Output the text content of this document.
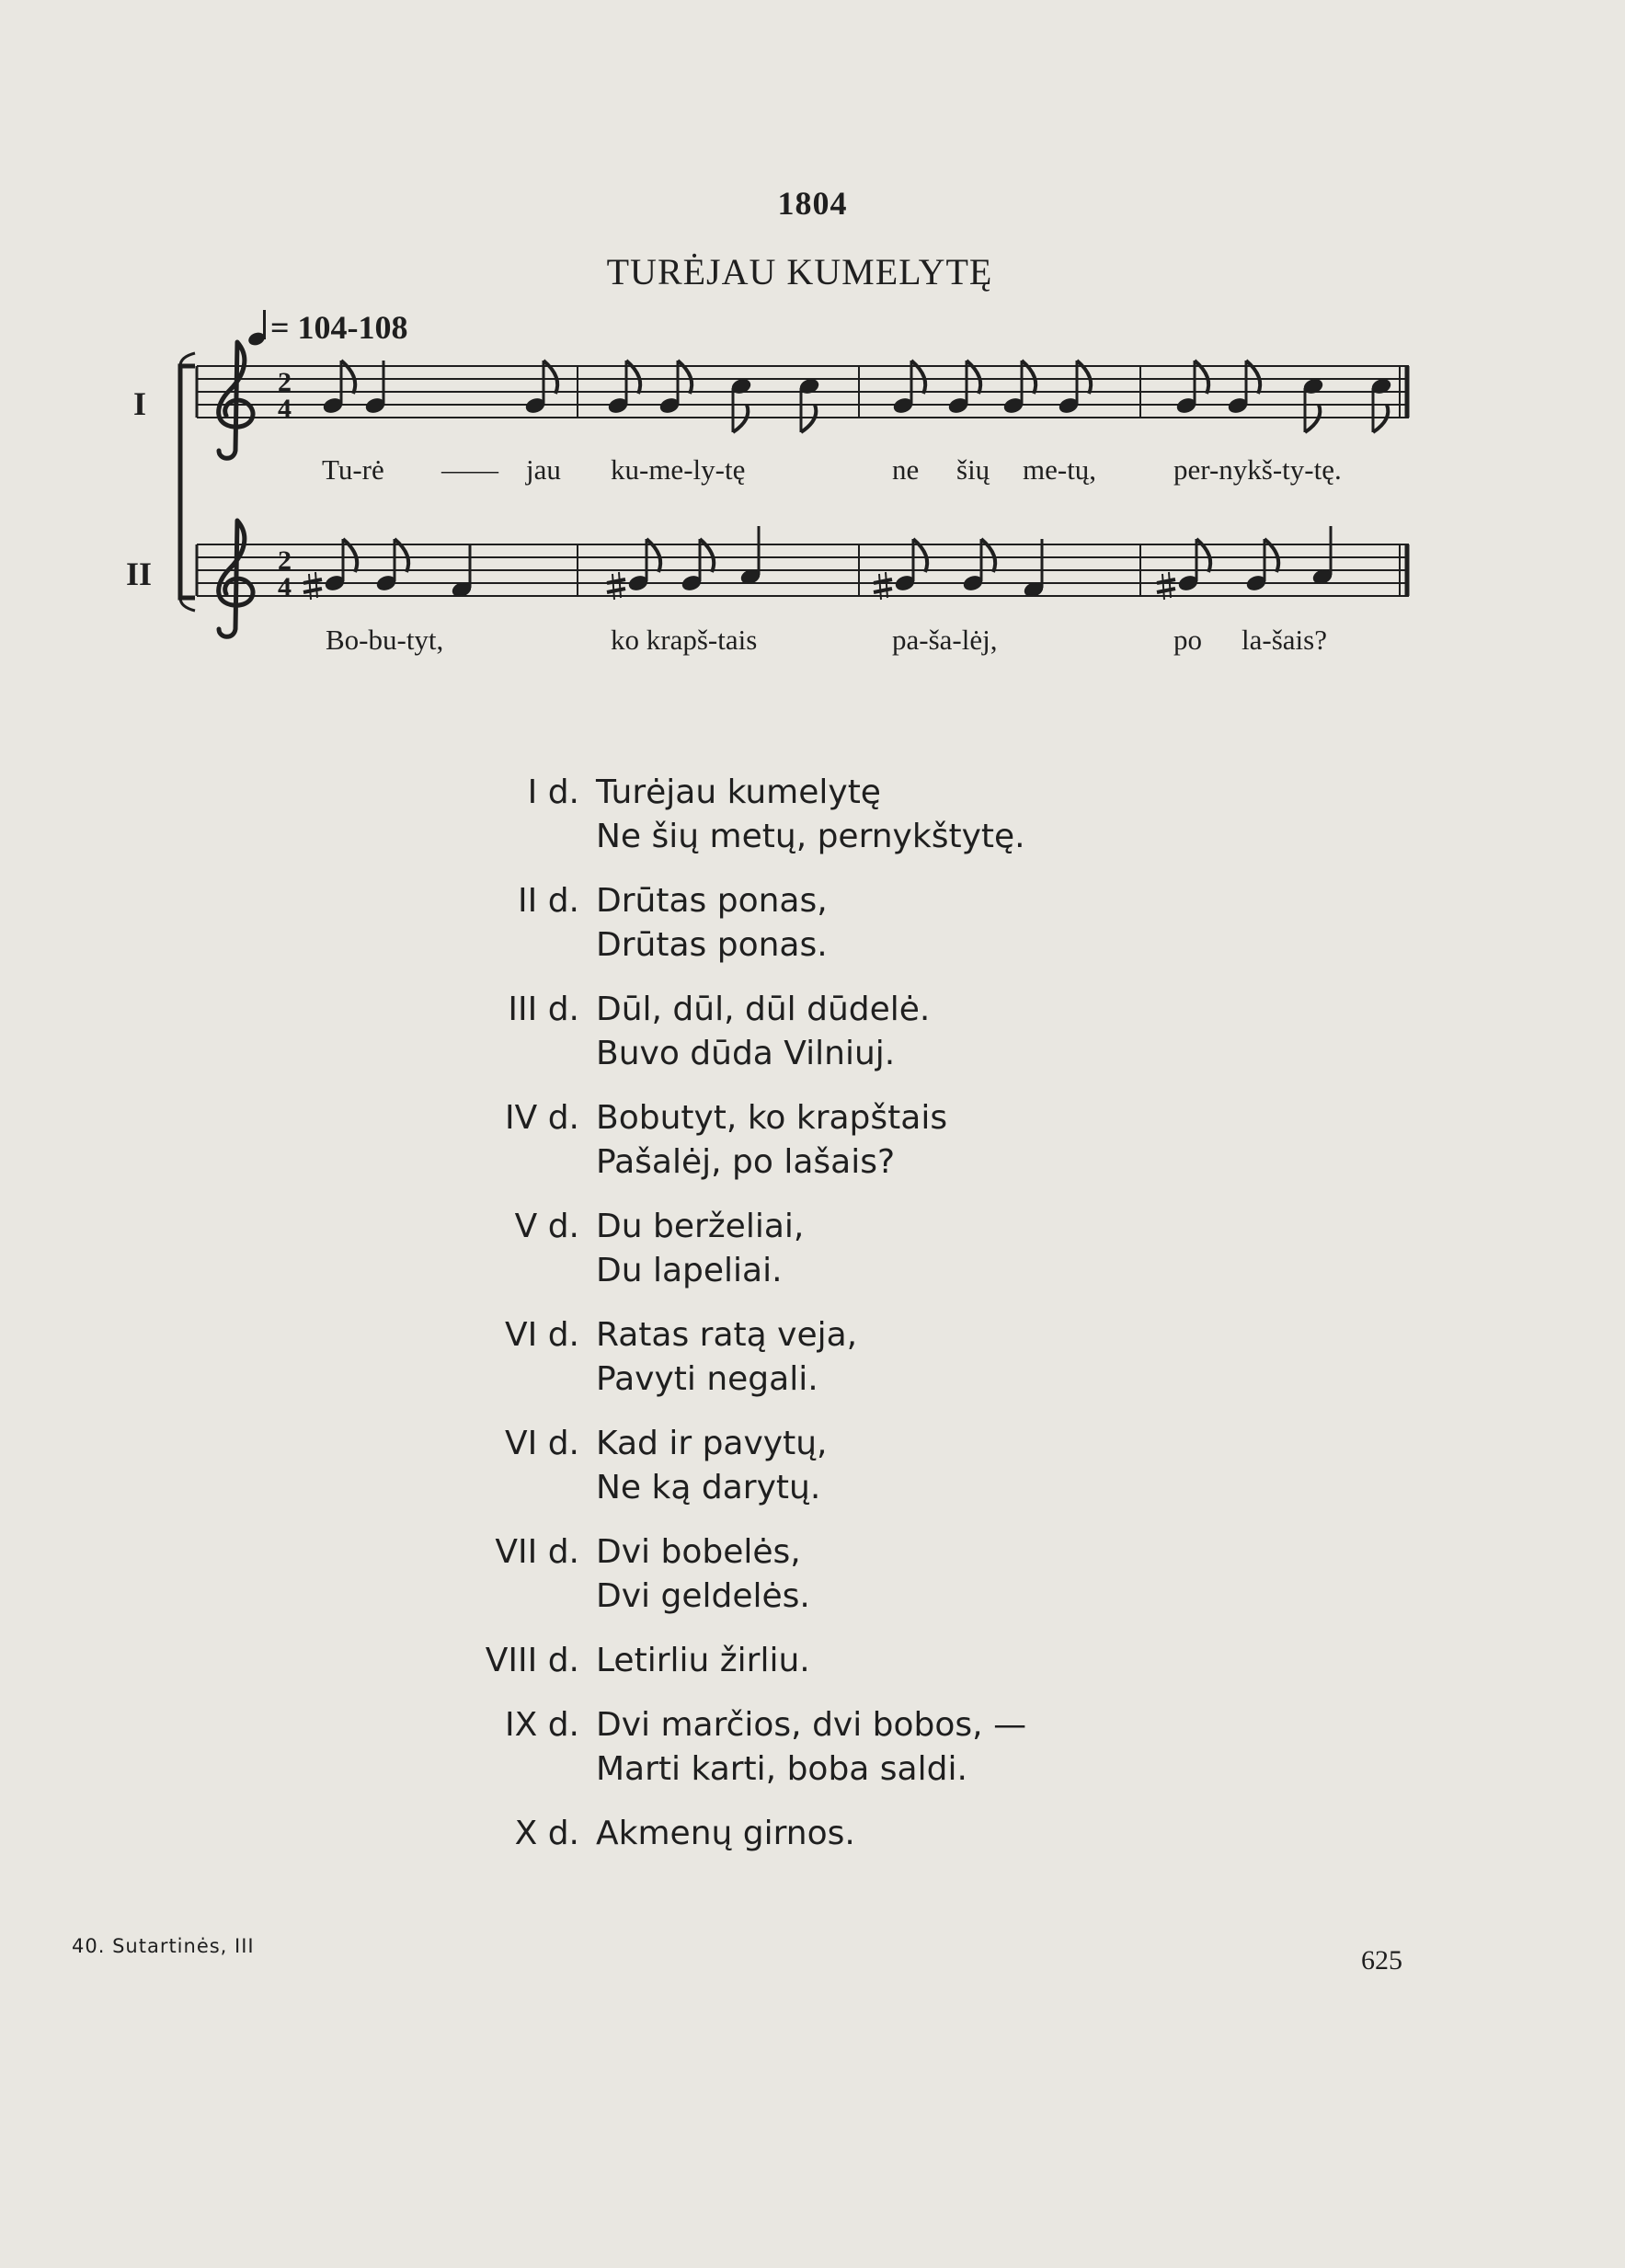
1804
TURĖJAU KUMELYTĘ
= 104-108
I
II
2
4
2
4
Tu-rė —— jau ku-me-ly-tę	ne šių me-tų,	per-nykš-ty-tę.
Bo-bu-tyt,	ko krapš-tais	pa-ša-lėj,	po la-šais?
I d. Turėjau kumelytę
Ne šių metų, pernykštytę.
II d. Drūtas ponas,
Drūtas ponas.
III d. Dūl, dūl, dūl dūdelė.
Buvo dūda Vilniuj.
IV d. Bobutyt, ko krapštais
Pašalėj, po lašais?
V d. Du berželiai,
Du lapeliai.
VI d. Ratas ratą veja,
Pavyti negali.
VI d. Kad ir pavytų,
Ne ką darytų.
VII d. Dvi bobelės,
Dvi geldelės.
VIII d. Letirliu žirliu.
IX d. Dvi marčios, dvi bobos, —
Marti karti, boba saldi.
X d. Akmenų girnos.
40. Sutartinės, III	625
